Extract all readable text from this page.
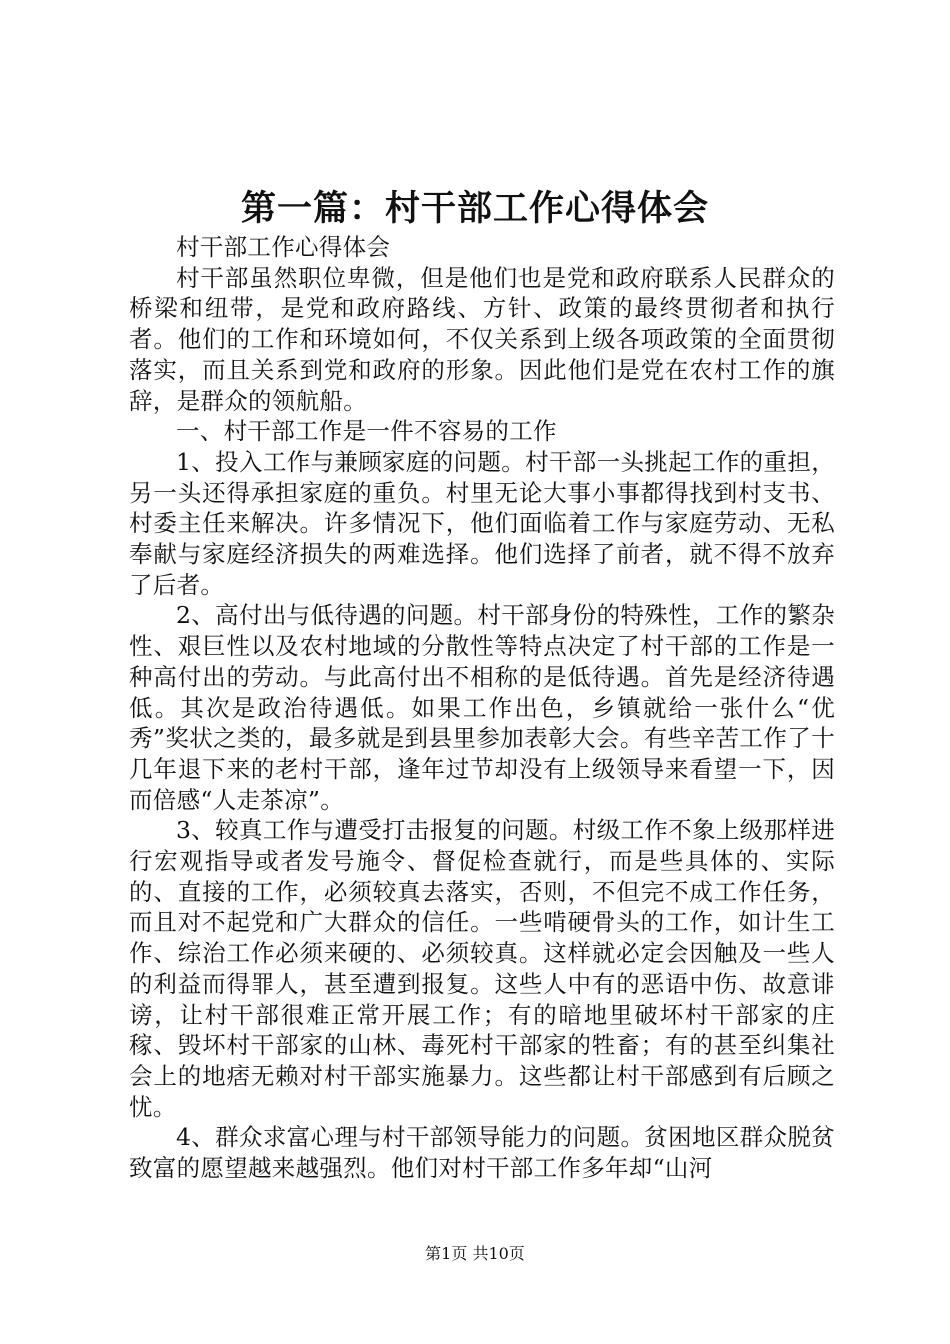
第一篇：村干部工作心得体会

村干部工作心得体会

村干部虽然职位卑微，但是他们也是党和政府联系人民群众的桥梁和纽带，是党和政府路线、方针、政策的最终贯彻者和执行者。他们的工作和环境如何，不仅关系到上级各项政策的全面贯彻落实，而且关系到党和政府的形象。因此他们是党在农村工作的旗辞，是群众的领航船。

一、村干部工作是一件不容易的工作

1、投入工作与兼顾家庭的问题。村干部一头挑起工作的重担，另一头还得承担家庭的重负。村里无论大事小事都得找到村支书、村委主任来解决。许多情况下，他们面临着工作与家庭劳动、无私奉献与家庭经济损失的两难选择。他们选择了前者，就不得不放弃了后者。

2、高付出与低待遇的问题。村干部身份的特殊性，工作的繁杂性、艰巨性以及农村地域的分散性等特点决定了村干部的工作是一种高付出的劳动。与此高付出不相称的是低待遇。首先是经济待遇低。其次是政治待遇低。如果工作出色，乡镇就给一张什么“优秀”奖状之类的，最多就是到县里参加表彰大会。有些辛苦工作了十几年退下来的老村干部，逢年过节却没有上级领导来看望一下，因而倍感“人走茶凉”。

3、较真工作与遭受打击报复的问题。村级工作不象上级那样进行宏观指导或者发号施令、督促检查就行，而是些具体的、实际的、直接的工作，必须较真去落实，否则，不但完不成工作任务，而且对不起党和广大群众的信任。一些啃硬骨头的工作，如计生工作、综治工作必须来硬的、必须较真。这样就必定会因触及一些人的利益而得罪人，甚至遭到报复。这些人中有的恶语中伤、故意诽谤，让村干部很难正常开展工作；有的暗地里破坏村干部家的庄稼、毁坏村干部家的山林、毒死村干部家的牲畜；有的甚至纠集社会上的地痞无赖对村干部实施暴力。这些都让村干部感到有后顾之忧。

4、群众求富心理与村干部领导能力的问题。贫困地区群众脱贫致富的愿望越来越强烈。他们对村干部工作多年却“山河

第1页 共10页
